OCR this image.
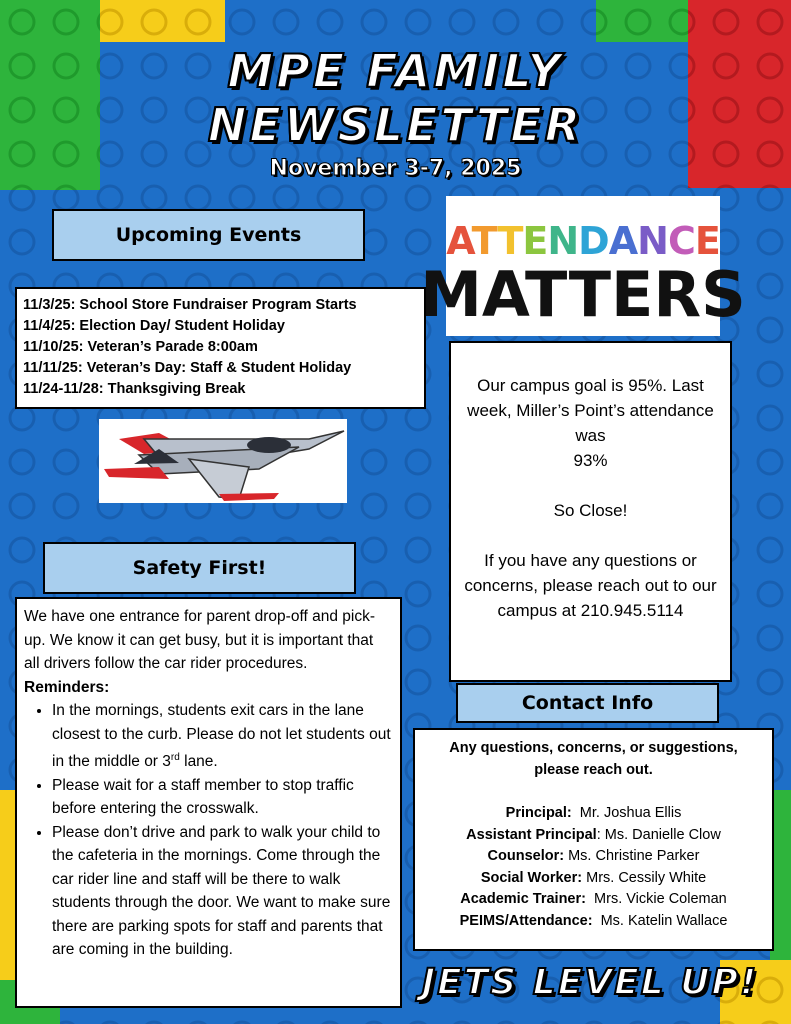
MPE FAMILY
NEWSLETTER
November 3-7, 2025
Upcoming Events
11/3/25: School Store Fundraiser Program Starts
11/4/25: Election Day/ Student Holiday
11/10/25: Veteran’s Parade 8:00am
11/11/25: Veteran’s Day: Staff & Student Holiday
11/24-11/28: Thanksgiving Break
Safety First!
We have one entrance for parent drop-off and pick-up. We know it can get busy, but it is important that all drivers follow the car rider procedures.
Reminders:
• In the mornings, students exit cars in the lane closest to the curb. Please do not let students out in the middle or 3rd lane.
• Please wait for a staff member to stop traffic before entering the crosswalk.
• Please don’t drive and park to walk your child to the cafeteria in the mornings. Come through the car rider line and staff will be there to walk students through the door. We want to make sure there are parking spots for staff and parents that are coming in the building.
ATTENDANCE
MATTERS
Our campus goal is 95%. Last week, Miller’s Point’s attendance was
93%
So Close!
If you have any questions or concerns, please reach out to our campus at 210.945.5114
Contact Info
Any questions, concerns, or suggestions, please reach out.
Principal:  Mr. Joshua Ellis
Assistant Principal: Ms. Danielle Clow
Counselor: Ms. Christine Parker
Social Worker: Mrs. Cessily White
Academic Trainer:  Mrs. Vickie Coleman
PEIMS/Attendance:  Ms. Katelin Wallace
JETS LEVEL UP!
